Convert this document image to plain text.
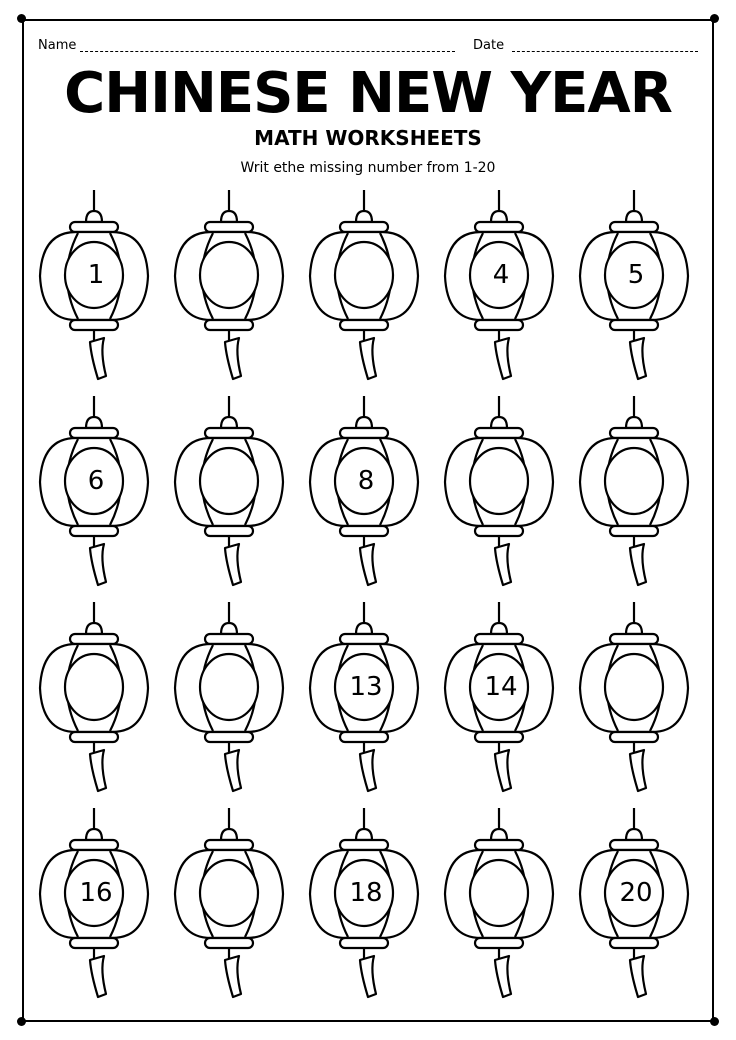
Name	Date
CHINESE NEW YEAR
MATH WORKSHEETS
Writ ethe missing number from 1-20
1	4	5
6	8
13	14
16	18	20
